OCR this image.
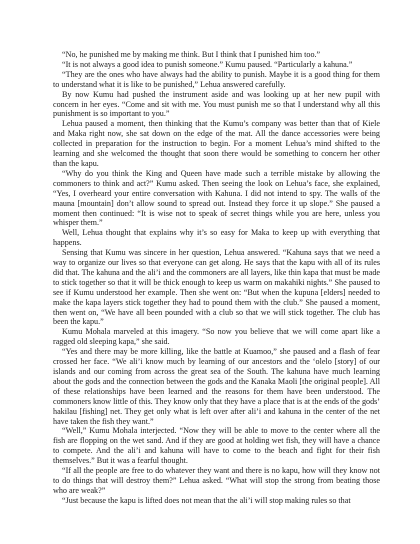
“No, he punished me by making me think. But I think that I punished him too.”

“It is not always a good idea to punish someone.” Kumu paused. “Particularly a kahuna.”

“They are the ones who have always had the ability to punish. Maybe it is a good thing for them to understand what it is like to be punished,” Lehua answered carefully.

By now Kumu had pushed the instrument aside and was looking up at her new pupil with concern in her eyes. “Come and sit with me. You must punish me so that I understand why all this punishment is so important to you.”

Lehua paused a moment, then thinking that the Kumu’s company was better than that of Kiele and Maka right now, she sat down on the edge of the mat. All the dance accessories were being collected in preparation for the instruction to begin. For a moment Lehua’s mind shifted to the learning and she welcomed the thought that soon there would be something to concern her other than the kapu.

“Why do you think the King and Queen have made such a terrible mistake by allowing the commoners to think and act?” Kumu asked. Then seeing the look on Lehua’s face, she explained, “Yes, I overheard your entire conversation with Kahuna. I did not intend to spy. The walls of the mauna [mountain] don’t allow sound to spread out. Instead they force it up slope.” She paused a moment then continued: “It is wise not to speak of secret things while you are here, unless you whisper them.”

Well, Lehua thought that explains why it’s so easy for Maka to keep up with everything that happens.

Sensing that Kumu was sincere in her question, Lehua answered. “Kahuna says that we need a way to organize our lives so that everyone can get along. He says that the kapu with all of its rules did that. The kahuna and the ali’i and the commoners are all layers, like thin kapa that must be made to stick together so that it will be thick enough to keep us warm on makahiki nights.” She paused to see if Kumu understood her example. Then she went on: “But when the kupuna [elders] needed to make the kapa layers stick together they had to pound them with the club.” She paused a moment, then went on, “We have all been pounded with a club so that we will stick together. The club has been the kapu.”

Kumu Mohala marveled at this imagery. “So now you believe that we will come apart like a ragged old sleeping kapa,” she said.

“Yes and there may be more killing, like the battle at Kuamoo,” she paused and a flash of fear crossed her face. “We ali’i know much by learning of our ancestors and the ‘olelo [story] of our islands and our coming from across the great sea of the South. The kahuna have much learning about the gods and the connection between the gods and the Kanaka Maoli [the original people]. All of these relationships have been learned and the reasons for them have been understood. The commoners know little of this. They know only that they have a place that is at the ends of the gods’ hakilau [fishing] net. They get only what is left over after ali’i and kahuna in the center of the net have taken the fish they want.”

“Well,” Kumu Mohala interjected. “Now they will be able to move to the center where all the fish are flopping on the wet sand. And if they are good at holding wet fish, they will have a chance to compete. And the ali’i and kahuna will have to come to the beach and fight for their fish themselves.” But it was a fearful thought.

“If all the people are free to do whatever they want and there is no kapu, how will they know not to do things that will destroy them?” Lehua asked. “What will stop the strong from beating those who are weak?”

“Just because the kapu is lifted does not mean that the ali’i will stop making rules so that
